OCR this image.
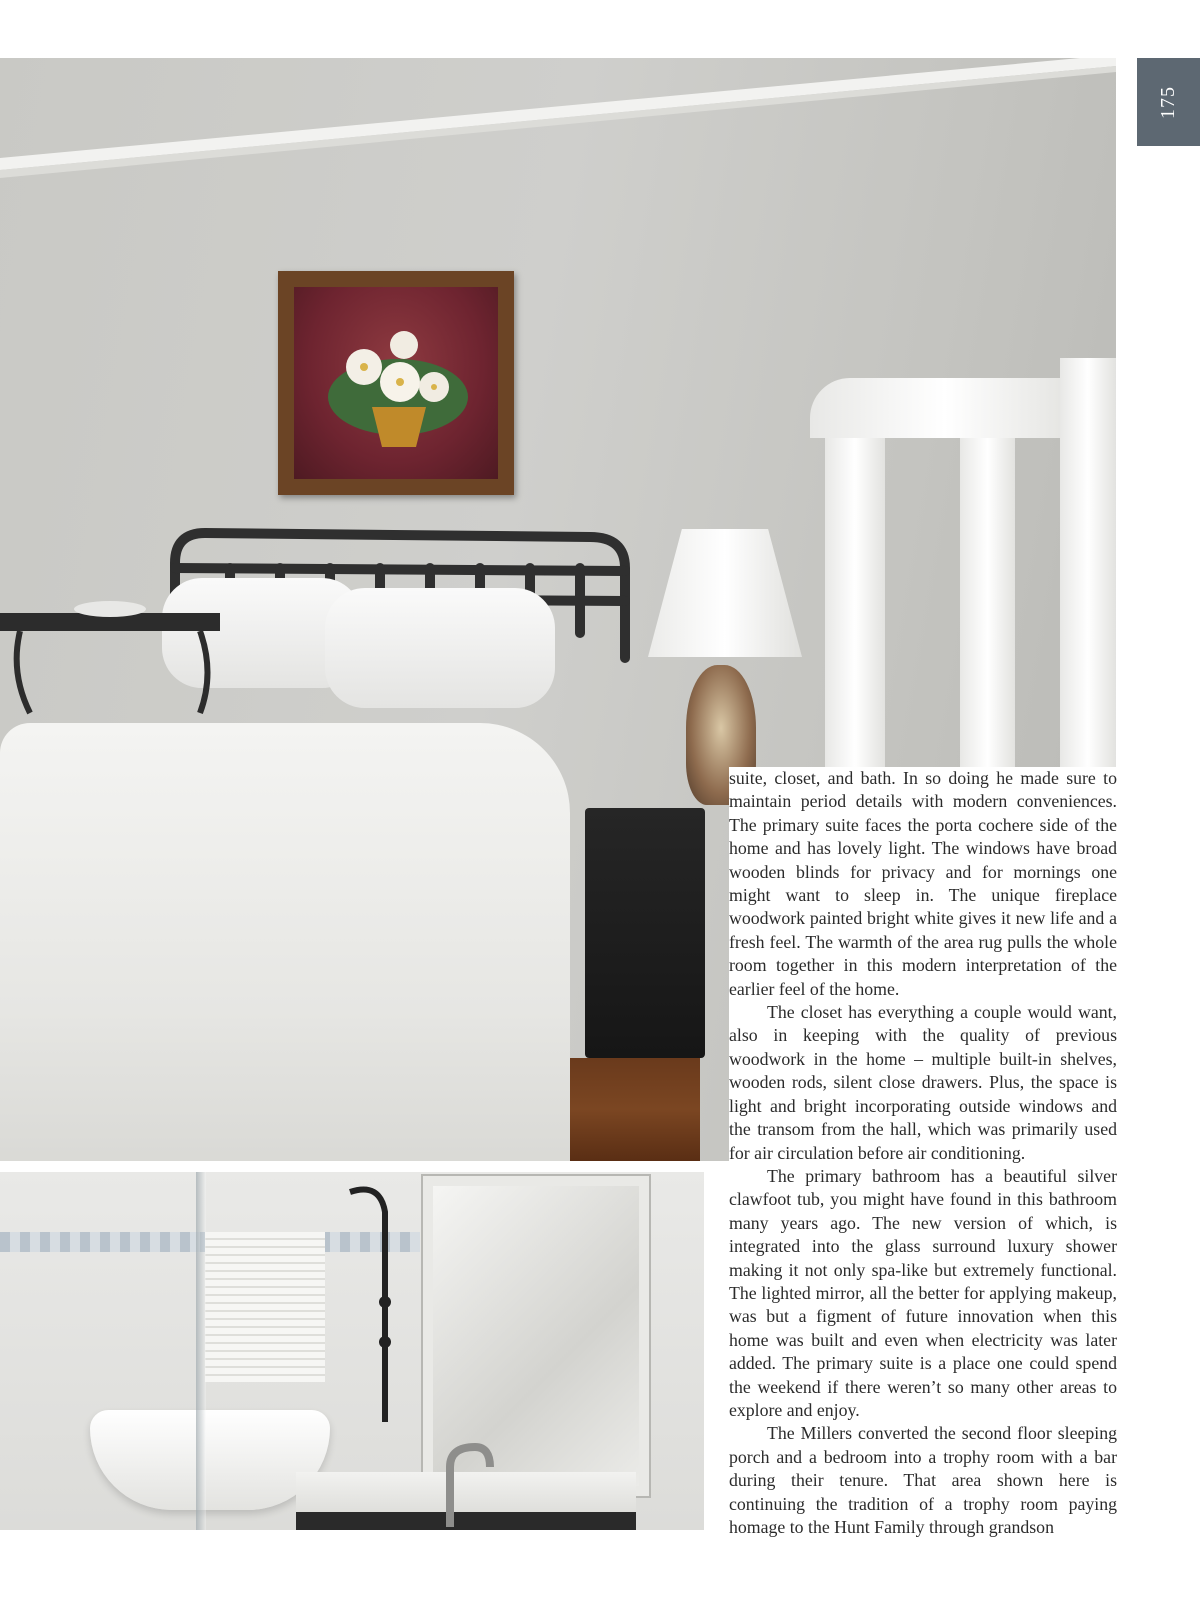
175

suite, closet, and bath. In so doing he made sure to maintain period details with modern conveniences. The primary suite faces the porta cochere side of the home and has lovely light. The windows have broad wooden blinds for privacy and for mornings one might want to sleep in. The unique fireplace woodwork painted bright white gives it new life and a fresh feel. The warmth of the area rug pulls the whole room together in this modern interpretation of the earlier feel of the home.

The closet has everything a couple would want, also in keeping with the quality of previous woodwork in the home – multiple built-in shelves, wooden rods, silent close drawers. Plus, the space is light and bright incorporating outside windows and the transom from the hall, which was primarily used for air circulation before air conditioning.

The primary bathroom has a beautiful silver clawfoot tub, you might have found in this bathroom many years ago. The new version of which, is integrated into the glass surround luxury shower making it not only spa-like but extremely functional. The lighted mirror, all the better for applying makeup, was but a figment of future innovation when this home was built and even when electricity was later added. The primary suite is a place one could spend the weekend if there weren’t so many other areas to explore and enjoy.

The Millers converted the second floor sleeping porch and a bedroom into a trophy room with a bar during their tenure. That area shown here is continuing the tradition of a trophy room paying homage to the Hunt Family through grandson
